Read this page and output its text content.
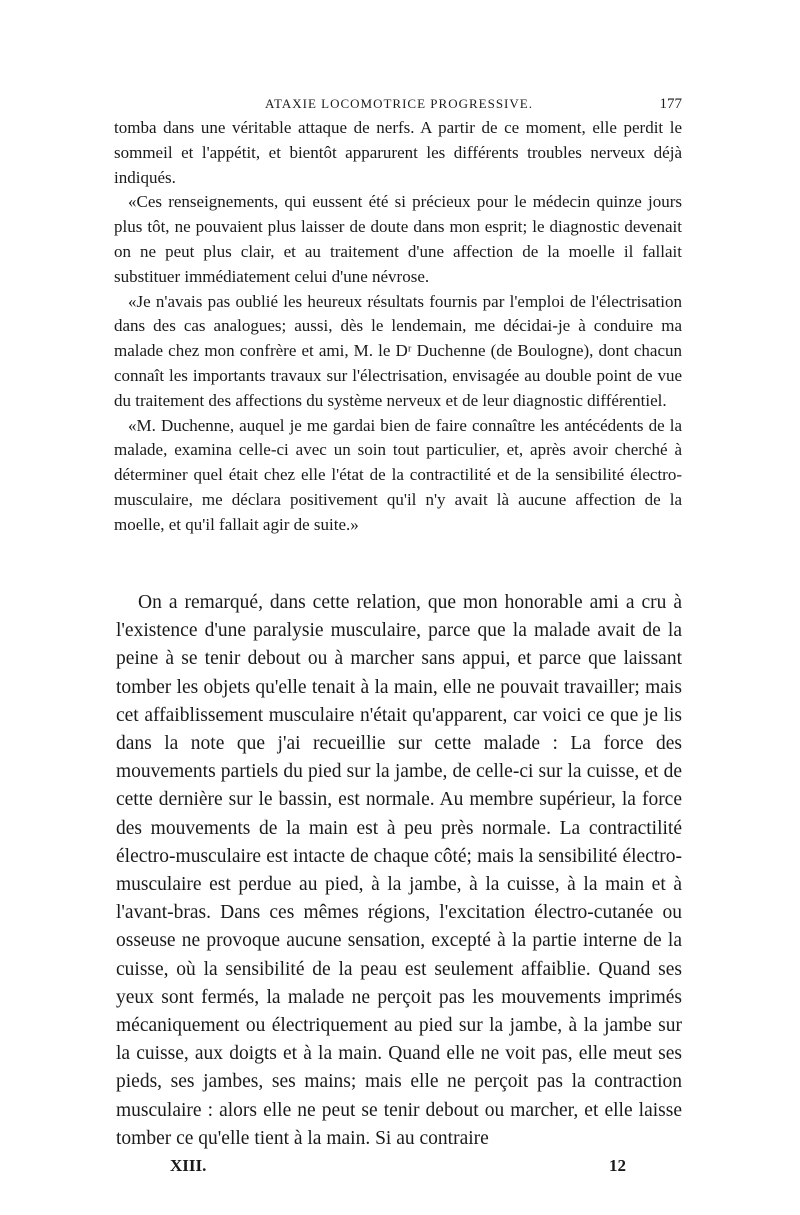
ATAXIE LOCOMOTRICE PROGRESSIVE.	177

tomba dans une véritable attaque de nerfs. A partir de ce moment, elle perdit le sommeil et l'appétit, et bientôt apparurent les différents troubles nerveux déjà indiqués.

«Ces renseignements, qui eussent été si précieux pour le médecin quinze jours plus tôt, ne pouvaient plus laisser de doute dans mon esprit; le diagnostic devenait on ne peut plus clair, et au traitement d'une affection de la moelle il fallait substituer immédiatement celui d'une névrose.

«Je n'avais pas oublié les heureux résultats fournis par l'emploi de l'électrisation dans des cas analogues; aussi, dès le lendemain, me décidai-je à conduire ma malade chez mon confrère et ami, M. le Dʳ Duchenne (de Boulogne), dont chacun connaît les importants travaux sur l'électrisation, envisagée au double point de vue du traitement des affections du système nerveux et de leur diagnostic différentiel.

«M. Duchenne, auquel je me gardai bien de faire connaître les antécédents de la malade, examina celle-ci avec un soin tout particulier, et, après avoir cherché à déterminer quel était chez elle l'état de la contractilité et de la sensibilité électro-musculaire, me déclara positivement qu'il n'y avait là aucune affection de la moelle, et qu'il fallait agir de suite.»

On a remarqué, dans cette relation, que mon honorable ami a cru à l'existence d'une paralysie musculaire, parce que la malade avait de la peine à se tenir debout ou à marcher sans appui, et parce que laissant tomber les objets qu'elle tenait à la main, elle ne pouvait travailler; mais cet affaiblissement musculaire n'était qu'apparent, car voici ce que je lis dans la note que j'ai recueillie sur cette malade : La force des mouvements partiels du pied sur la jambe, de celle-ci sur la cuisse, et de cette dernière sur le bassin, est normale. Au membre supérieur, la force des mouvements de la main est à peu près normale. La contractilité électro-musculaire est intacte de chaque côté; mais la sensibilité électro-musculaire est perdue au pied, à la jambe, à la cuisse, à la main et à l'avant-bras. Dans ces mêmes régions, l'excitation électro-cutanée ou osseuse ne provoque aucune sensation, excepté à la partie interne de la cuisse, où la sensibilité de la peau est seulement affaiblie. Quand ses yeux sont fermés, la malade ne perçoit pas les mouvements imprimés mécaniquement ou électriquement au pied sur la jambe, à la jambe sur la cuisse, aux doigts et à la main. Quand elle ne voit pas, elle meut ses pieds, ses jambes, ses mains; mais elle ne perçoit pas la contraction musculaire : alors elle ne peut se tenir debout ou marcher, et elle laisse tomber ce qu'elle tient à la main. Si au contraire

XIII.	12
